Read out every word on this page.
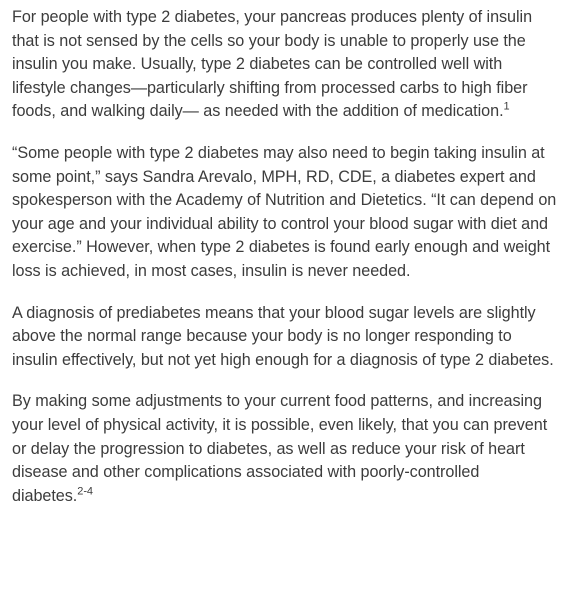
For people with type 2 diabetes, your pancreas produces plenty of insulin that is not sensed by the cells so your body is unable to properly use the insulin you make. Usually, type 2 diabetes can be controlled well with lifestyle changes—particularly shifting from processed carbs to high fiber foods, and walking daily— as needed with the addition of medication.$^1$

“Some people with type 2 diabetes may also need to begin taking insulin at some point,” says Sandra Arevalo, MPH, RD, CDE, a diabetes expert and spokesperson with the Academy of Nutrition and Dietetics. “It can depend on your age and your individual ability to control your blood sugar with diet and exercise.” However, when type 2 diabetes is found early enough and weight loss is achieved, in most cases, insulin is never needed.

A diagnosis of prediabetes means that your blood sugar levels are slightly above the normal range because your body is no longer responding to insulin effectively, but not yet high enough for a diagnosis of type 2 diabetes.

By making some adjustments to your current food patterns, and increasing your level of physical activity, it is possible, even likely, that you can prevent or delay the progression to diabetes, as well as reduce your risk of heart disease and other complications associated with poorly-controlled diabetes.$^{2-4}$
